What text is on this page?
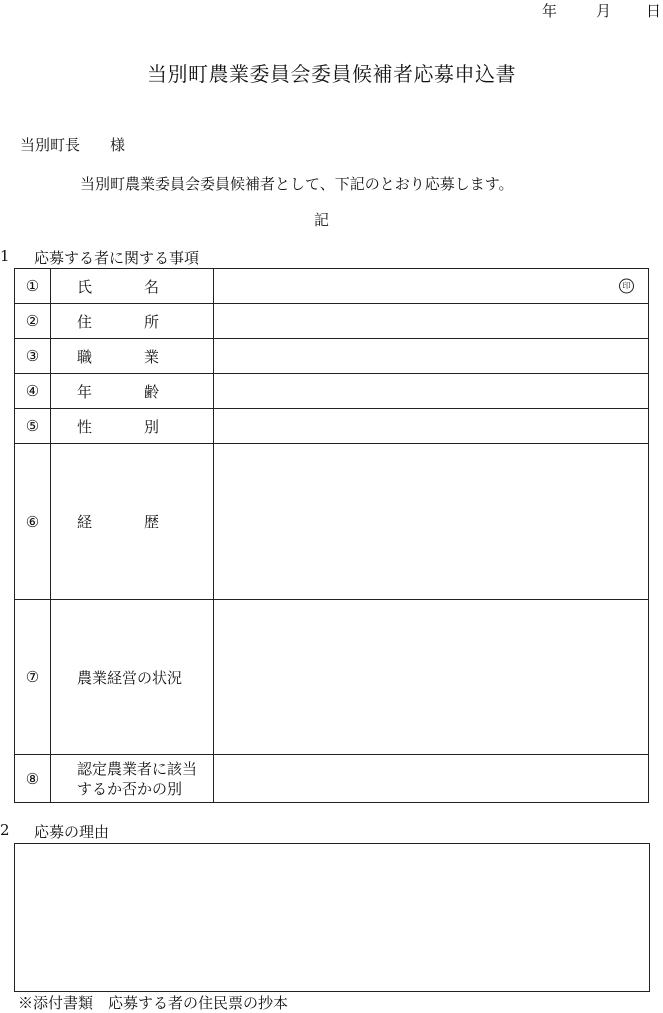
年	月 日
当別町農業委員会委員候補者応募申込書
当別町長　　様
当別町農業委員会委員候補者として、下記のとおり応募します。
記
1 応募する者に関する事項
①	氏 名	印

②	住 所	

③	職 業	

④	年 齢	

⑤	性 別	

⑥	経 歴	

⑦	農業経営の状況	
⑧	認定農業者に該当
するか否かの別	

2 応募の理由
※添付書類　応募する者の住民票の抄本
